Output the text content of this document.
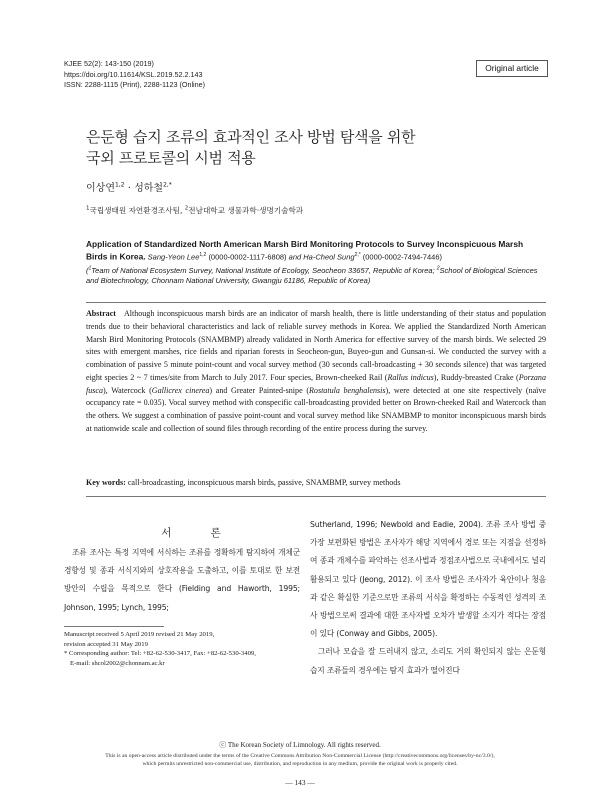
KJEE 52(2): 143-150 (2019)
https://doi.org/10.11614/KSL.2019.52.2.143
ISSN: 2288-1115 (Print), 2288-1123 (Online)
Original article
은둔형 습지 조류의 효과적인 조사 방법 탐색을 위한
국외 프로토콜의 시범 적용
이상연$^{1,2}$ · 성하철$^{2,*}$
$^1$국립생태원 자연환경조사팀, $^2$전남대학교 생물과학·생명기술학과
Application of Standardized North American Marsh Bird Monitoring Protocols to Survey Inconspicuous Marsh Birds in Korea. Sang-Yeon Lee$^{1,2}$ (0000-0002-1117-6808) and Ha-Cheol Sung$^{2,*}$ (0000-0002-7494-7446)
($^1$Team of National Ecosystem Survey, National Institute of Ecology, Seocheon 33657, Republic of Korea; $^2$School of Biological Sciences and Biotechnology, Chonnam National University, Gwangju 61186, Republic of Korea)
Abstract Although inconspicuous marsh birds are an indicator of marsh health, there is little understanding of their status and population trends due to their behavioral characteristics and lack of reliable survey methods in Korea. We applied the Standardized North American Marsh Bird Monitoring Protocols (SNAMBMP) already validated in North America for effective survey of the marsh birds. We selected 29 sites with emergent marshes, rice fields and riparian forests in Seocheon-gun, Buyeo-gun and Gunsan-si. We conducted the survey with a combination of passive 5 minute point-count and vocal survey method (30 seconds call-broadcasting + 30 seconds silence) that was targeted eight species 2 ~ 7 times/site from March to July 2017. Four species, Brown-cheeked Rail (Rallus indicus), Ruddy-breasted Crake (Porzana fusca), Watercock (Gallicrex cinerea) and Greater Painted-snipe (Rostatula benghalensis), were detected at one site respectively (naïve occupancy rate = 0.035). Vocal survey method with conspecific call-broadcasting provided better on Brown-cheeked Rail and Watercock than the others. We suggest a combination of passive point-count and vocal survey method like SNAMBMP to monitor inconspicuous marsh birds at nationwide scale and collection of sound files through recording of the entire process during the survey.
Key words: call-broadcasting, inconspicuous marsh birds, passive, SNAMBMP, survey methods
서 론
조류 조사는 특정 지역에 서식하는 조류를 정확하게 탐지하여 개체군 경향성 및 종과 서식지와의 상호작용을 도출하고, 이를 토대로 한 보전 방안의 수립을 목적으로 한다 (Fielding and Haworth, 1995; Johnson, 1995; Lynch, 1995;
Sutherland, 1996; Newbold and Eadie, 2004). 조류 조사 방법 중 가장 보편화된 방법은 조사자가 해당 지역에서 경로 또는 지점을 선정하여 종과 개체수를 파악하는 선조사법과 정점조사법으로 국내에서도 널리 활용되고 있다 (Jeong, 2012). 이 조사 방법은 조사자가 육안이나 청음과 같은 확실한 기준으로만 조류의 서식을 확정하는 수동적인 성격의 조사 방법으로써 결과에 대한 조사자별 오차가 발생할 소지가 적다는 장점이 있다 (Conway and Gibbs, 2005).
그러나 모습을 잘 드러내지 않고, 소리도 거의 확인되지 않는 은둔형 습지 조류들의 경우에는 탐지 효과가 떨어진다
Manuscript received 5 April 2019 revised 21 May 2019,
revision accepted 31 May 2019
* Corresponding author: Tel: +82-62-530-3417, Fax: +82-62-530-3409,
E-mail: shcol2002@chonnam.ac.kr
ⓒ The Korean Society of Limnology. All rights reserved.
This is an open-access article distributed under the terms of the Creative Commons Attribution Non-Commercial License (http://creativecommons.org/licenses/by-nc/3.0/),
which permits unrestricted non-commercial use, distribution, and reproduction in any medium, provide the original work is properly cited.
— 143 —
